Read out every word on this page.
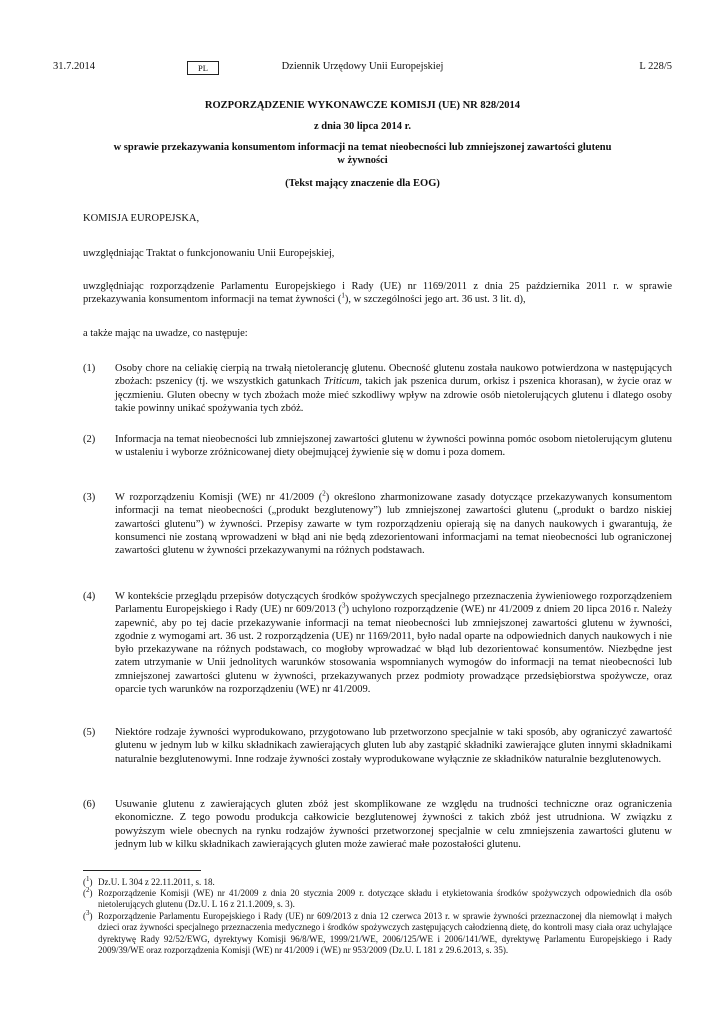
31.7.2014	PL	Dziennik Urzędowy Unii Europejskiej	L 228/5
ROZPORZĄDZENIE WYKONAWCZE KOMISJI (UE) NR 828/2014
z dnia 30 lipca 2014 r.
w sprawie przekazywania konsumentom informacji na temat nieobecności lub zmniejszonej zawartości glutenu w żywności
(Tekst mający znaczenie dla EOG)
KOMISJA EUROPEJSKA,
uwzględniając Traktat o funkcjonowaniu Unii Europejskiej,
uwzględniając rozporządzenie Parlamentu Europejskiego i Rady (UE) nr 1169/2011 z dnia 25 października 2011 r. w sprawie przekazywania konsumentom informacji na temat żywności ($^1$), w szczególności jego art. 36 ust. 3 lit. d),
a także mając na uwadze, co następuje:
(1) Osoby chore na celiakię cierpią na trwałą nietolerancję glutenu. Obecność glutenu została naukowo potwierdzona w następujących zbożach: pszenicy (tj. we wszystkich gatunkach Triticum, takich jak pszenica durum, orkisz i pszenica khorasan), w życie oraz w jęczmieniu. Gluten obecny w tych zbożach może mieć szkodliwy wpływ na zdrowie osób nietolerujących glutenu i dlatego osoby takie powinny unikać spożywania tych zbóż.
(2) Informacja na temat nieobecności lub zmniejszonej zawartości glutenu w żywności powinna pomóc osobom nietolerującym glutenu w ustaleniu i wyborze zróżnicowanej diety obejmującej żywienie się w domu i poza domem.
(3) W rozporządzeniu Komisji (WE) nr 41/2009 ($^2$) określono zharmonizowane zasady dotyczące przekazywanych konsumentom informacji na temat nieobecności („produkt bezglutenowy”) lub zmniejszonej zawartości glutenu („produkt o bardzo niskiej zawartości glutenu”) w żywności. Przepisy zawarte w tym rozporządzeniu opierają się na danych naukowych i gwarantują, że konsumenci nie zostaną wprowadzeni w błąd ani nie będą zdezorientowani informacjami na temat nieobecności lub ograniczonej zawartości glutenu w żywności przekazywanymi na różnych podstawach.
(4) W kontekście przeglądu przepisów dotyczących środków spożywczych specjalnego przeznaczenia żywieniowego rozporządzeniem Parlamentu Europejskiego i Rady (UE) nr 609/2013 ($^3$) uchylono rozporządzenie (WE) nr 41/2009 z dniem 20 lipca 2016 r. Należy zapewnić, aby po tej dacie przekazywanie informacji na temat nieobecności lub zmniejszonej zawartości glutenu w żywności, zgodnie z wymogami art. 36 ust. 2 rozporządzenia (UE) nr 1169/2011, było nadal oparte na odpowiednich danych naukowych i nie było przekazywane na różnych podstawach, co mogłoby wprowadzać w błąd lub dezorientować konsumentów. Niezbędne jest zatem utrzymanie w Unii jednolitych warunków stosowania wspomnianych wymogów do informacji na temat nieobecności lub zmniejszonej zawartości glutenu w żywności, przekazywanych przez podmioty prowadzące przedsiębiorstwa spożywcze, oraz oparcie tych warunków na rozporządzeniu (WE) nr 41/2009.
(5) Niektóre rodzaje żywności wyprodukowano, przygotowano lub przetworzono specjalnie w taki sposób, aby ograniczyć zawartość glutenu w jednym lub w kilku składnikach zawierających gluten lub aby zastąpić składniki zawierające gluten innymi składnikami naturalnie bezglutenowymi. Inne rodzaje żywności zostały wyprodukowane wyłącznie ze składników naturalnie bezglutenowych.
(6) Usuwanie glutenu z zawierających gluten zbóż jest skomplikowane ze względu na trudności techniczne oraz ograniczenia ekonomiczne. Z tego powodu produkcja całkowicie bezglutenowej żywności z takich zbóż jest utrudniona. W związku z powyższym wiele obecnych na rynku rodzajów żywności przetworzonej specjalnie w celu zmniejszenia zawartości glutenu w jednym lub w kilku składnikach zawierających gluten może zawierać małe pozostałości glutenu.
($^1$) Dz.U. L 304 z 22.11.2011, s. 18.
($^2$) Rozporządzenie Komisji (WE) nr 41/2009 z dnia 20 stycznia 2009 r. dotyczące składu i etykietowania środków spożywczych odpowiednich dla osób nietolerujących glutenu (Dz.U. L 16 z 21.1.2009, s. 3).
($^3$) Rozporządzenie Parlamentu Europejskiego i Rady (UE) nr 609/2013 z dnia 12 czerwca 2013 r. w sprawie żywności przeznaczonej dla niemowląt i małych dzieci oraz żywności specjalnego przeznaczenia medycznego i środków spożywczych zastępujących całodzienną dietę, do kontroli masy ciała oraz uchylające dyrektywę Rady 92/52/EWG, dyrektywy Komisji 96/8/WE, 1999/21/WE, 2006/125/WE i 2006/141/WE, dyrektywę Parlamentu Europejskiego i Rady 2009/39/WE oraz rozporządzenia Komisji (WE) nr 41/2009 i (WE) nr 953/2009 (Dz.U. L 181 z 29.6.2013, s. 35).
